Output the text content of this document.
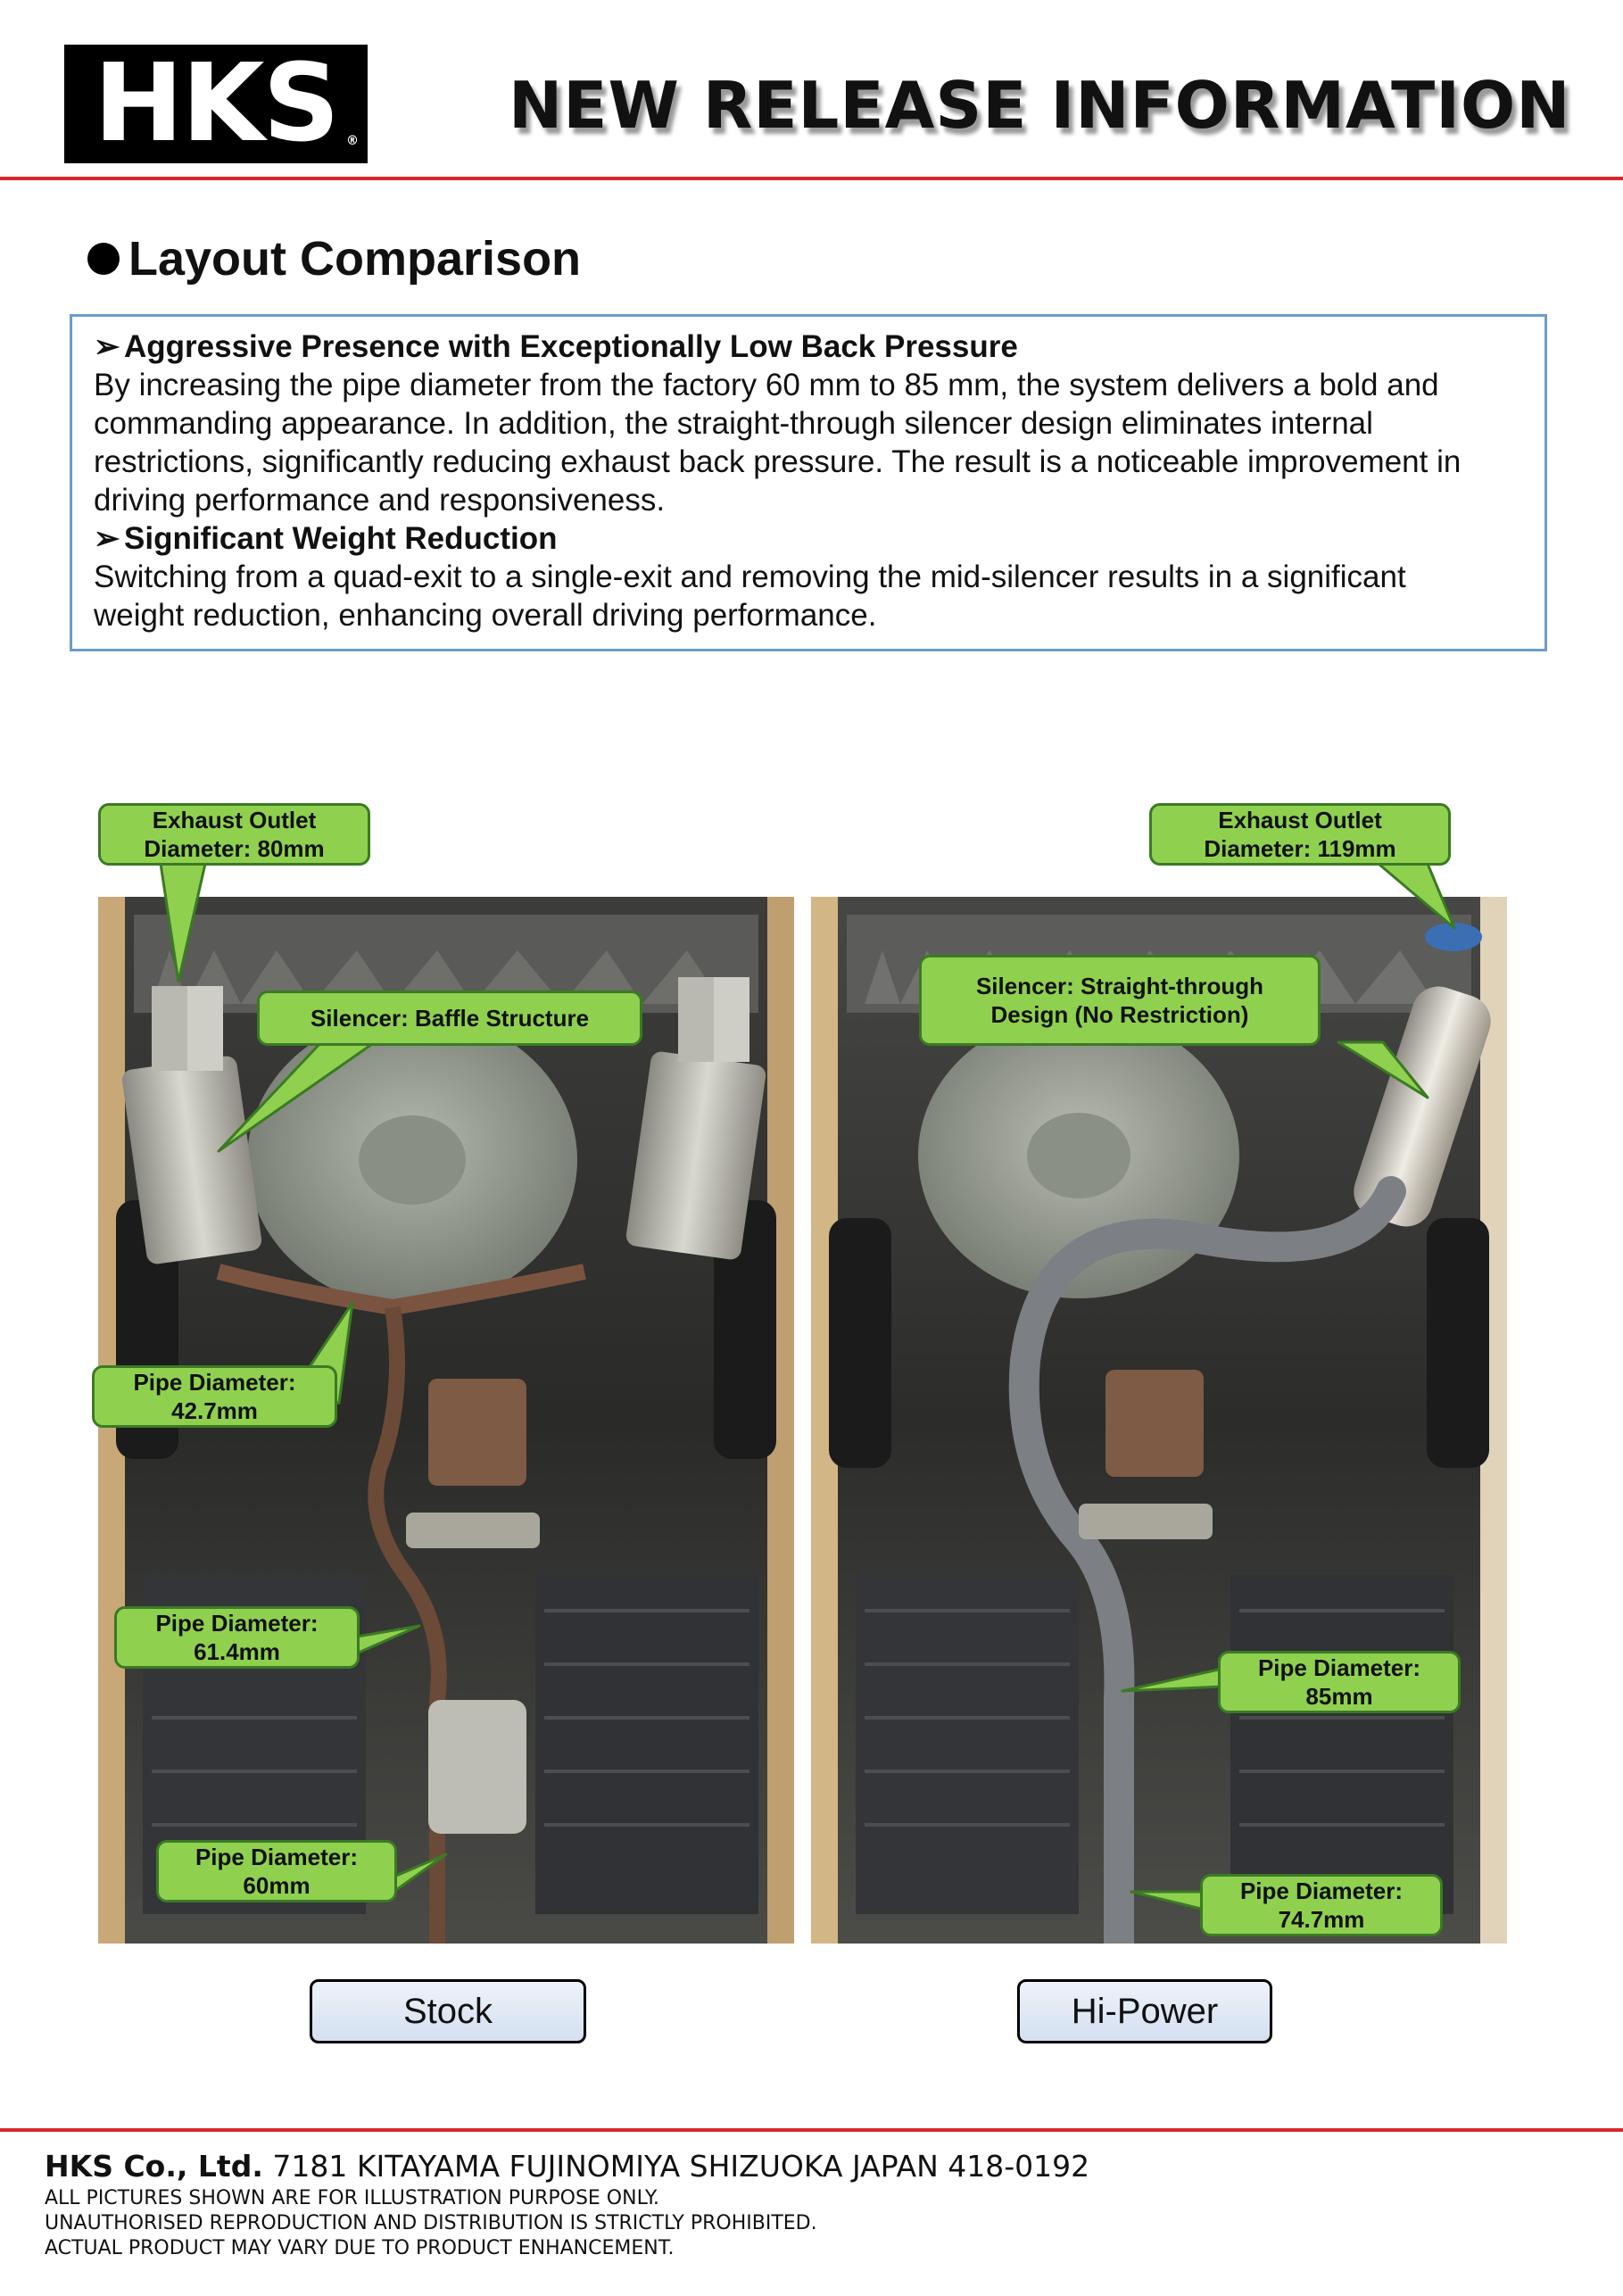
HKS ® NEW RELEASE INFORMATION
Layout Comparison
➢ Aggressive Presence with Exceptionally Low Back Pressure
By increasing the pipe diameter from the factory 60 mm to 85 mm, the system delivers a bold and
commanding appearance. In addition, the straight-through silencer design eliminates internal
restrictions, significantly reducing exhaust back pressure. The result is a noticeable improvement in
driving performance and responsiveness.
➢ Significant Weight Reduction
Switching from a quad-exit to a single-exit and removing the mid-silencer results in a significant
weight reduction, enhancing overall driving performance.
Exhaust Outlet
Diameter: 80mm
Silencer: Baffle Structure
Pipe Diameter:
42.7mm
Pipe Diameter:
61.4mm
Pipe Diameter:
60mm
Exhaust Outlet
Diameter: 119mm
Silencer: Straight-through
Design (No Restriction)
Pipe Diameter:
85mm
Pipe Diameter:
74.7mm
Stock	Hi-Power
HKS Co., Ltd. 7181 KITAYAMA FUJINOMIYA SHIZUOKA JAPAN 418-0192
ALL PICTURES SHOWN ARE FOR ILLUSTRATION PURPOSE ONLY.
UNAUTHORISED REPRODUCTION AND DISTRIBUTION IS STRICTLY PROHIBITED.
ACTUAL PRODUCT MAY VARY DUE TO PRODUCT ENHANCEMENT.
